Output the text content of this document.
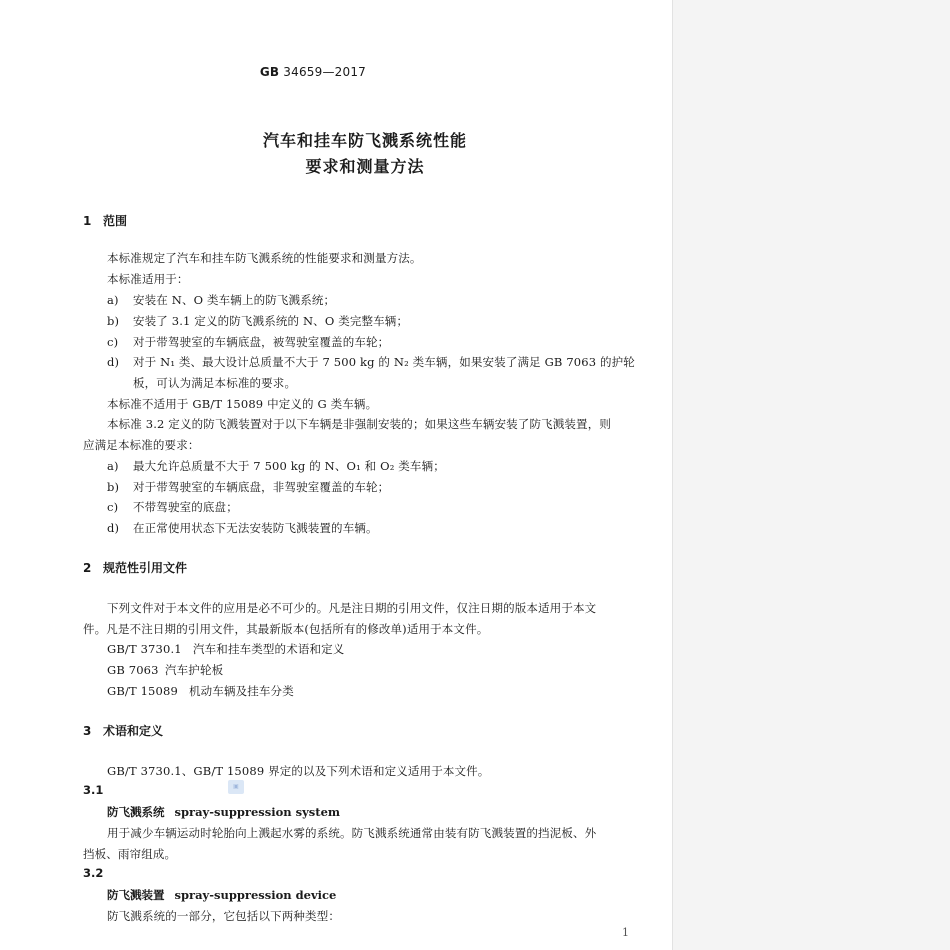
GB 34659—2017
汽车和挂车防飞溅系统性能
要求和测量方法
1 范围
本标准规定了汽车和挂车防飞溅系统的性能要求和测量方法。
本标准适用于：
a) 安装在 N、O 类车辆上的防飞溅系统；
b) 安装了 3.1 定义的防飞溅系统的 N、O 类完整车辆；
c) 对于带驾驶室的车辆底盘，被驾驶室覆盖的车轮；
d) 对于 N₁ 类、最大设计总质量不大于 7 500 kg 的 N₂ 类车辆，如果安装了满足 GB 7063 的护轮
板，可认为满足本标准的要求。
本标准不适用于 GB/T 15089 中定义的 G 类车辆。
本标准 3.2 定义的防飞溅装置对于以下车辆是非强制安装的；如果这些车辆安装了防飞溅装置，则
应满足本标准的要求：
a) 最大允许总质量不大于 7 500 kg 的 N、O₁ 和 O₂ 类车辆；
b) 对于带驾驶室的车辆底盘，非驾驶室覆盖的车轮；
c) 不带驾驶室的底盘；
d) 在正常使用状态下无法安装防飞溅装置的车辆。
2 规范性引用文件
下列文件对于本文件的应用是必不可少的。凡是注日期的引用文件，仅注日期的版本适用于本文
件。凡是不注日期的引用文件，其最新版本(包括所有的修改单)适用于本文件。
GB/T 3730.1 汽车和挂车类型的术语和定义
GB 7063 汽车护轮板
GB/T 15089 机动车辆及挂车分类
3 术语和定义
GB/T 3730.1、GB/T 15089 界定的以及下列术语和定义适用于本文件。
3.1	▣
防飞溅系统 spray-suppression system
用于减少车辆运动时轮胎向上溅起水雾的系统。防飞溅系统通常由装有防飞溅装置的挡泥板、外
挡板、雨帘组成。
3.2
防飞溅装置 spray-suppression device
防飞溅系统的一部分，它包括以下两种类型：
1
